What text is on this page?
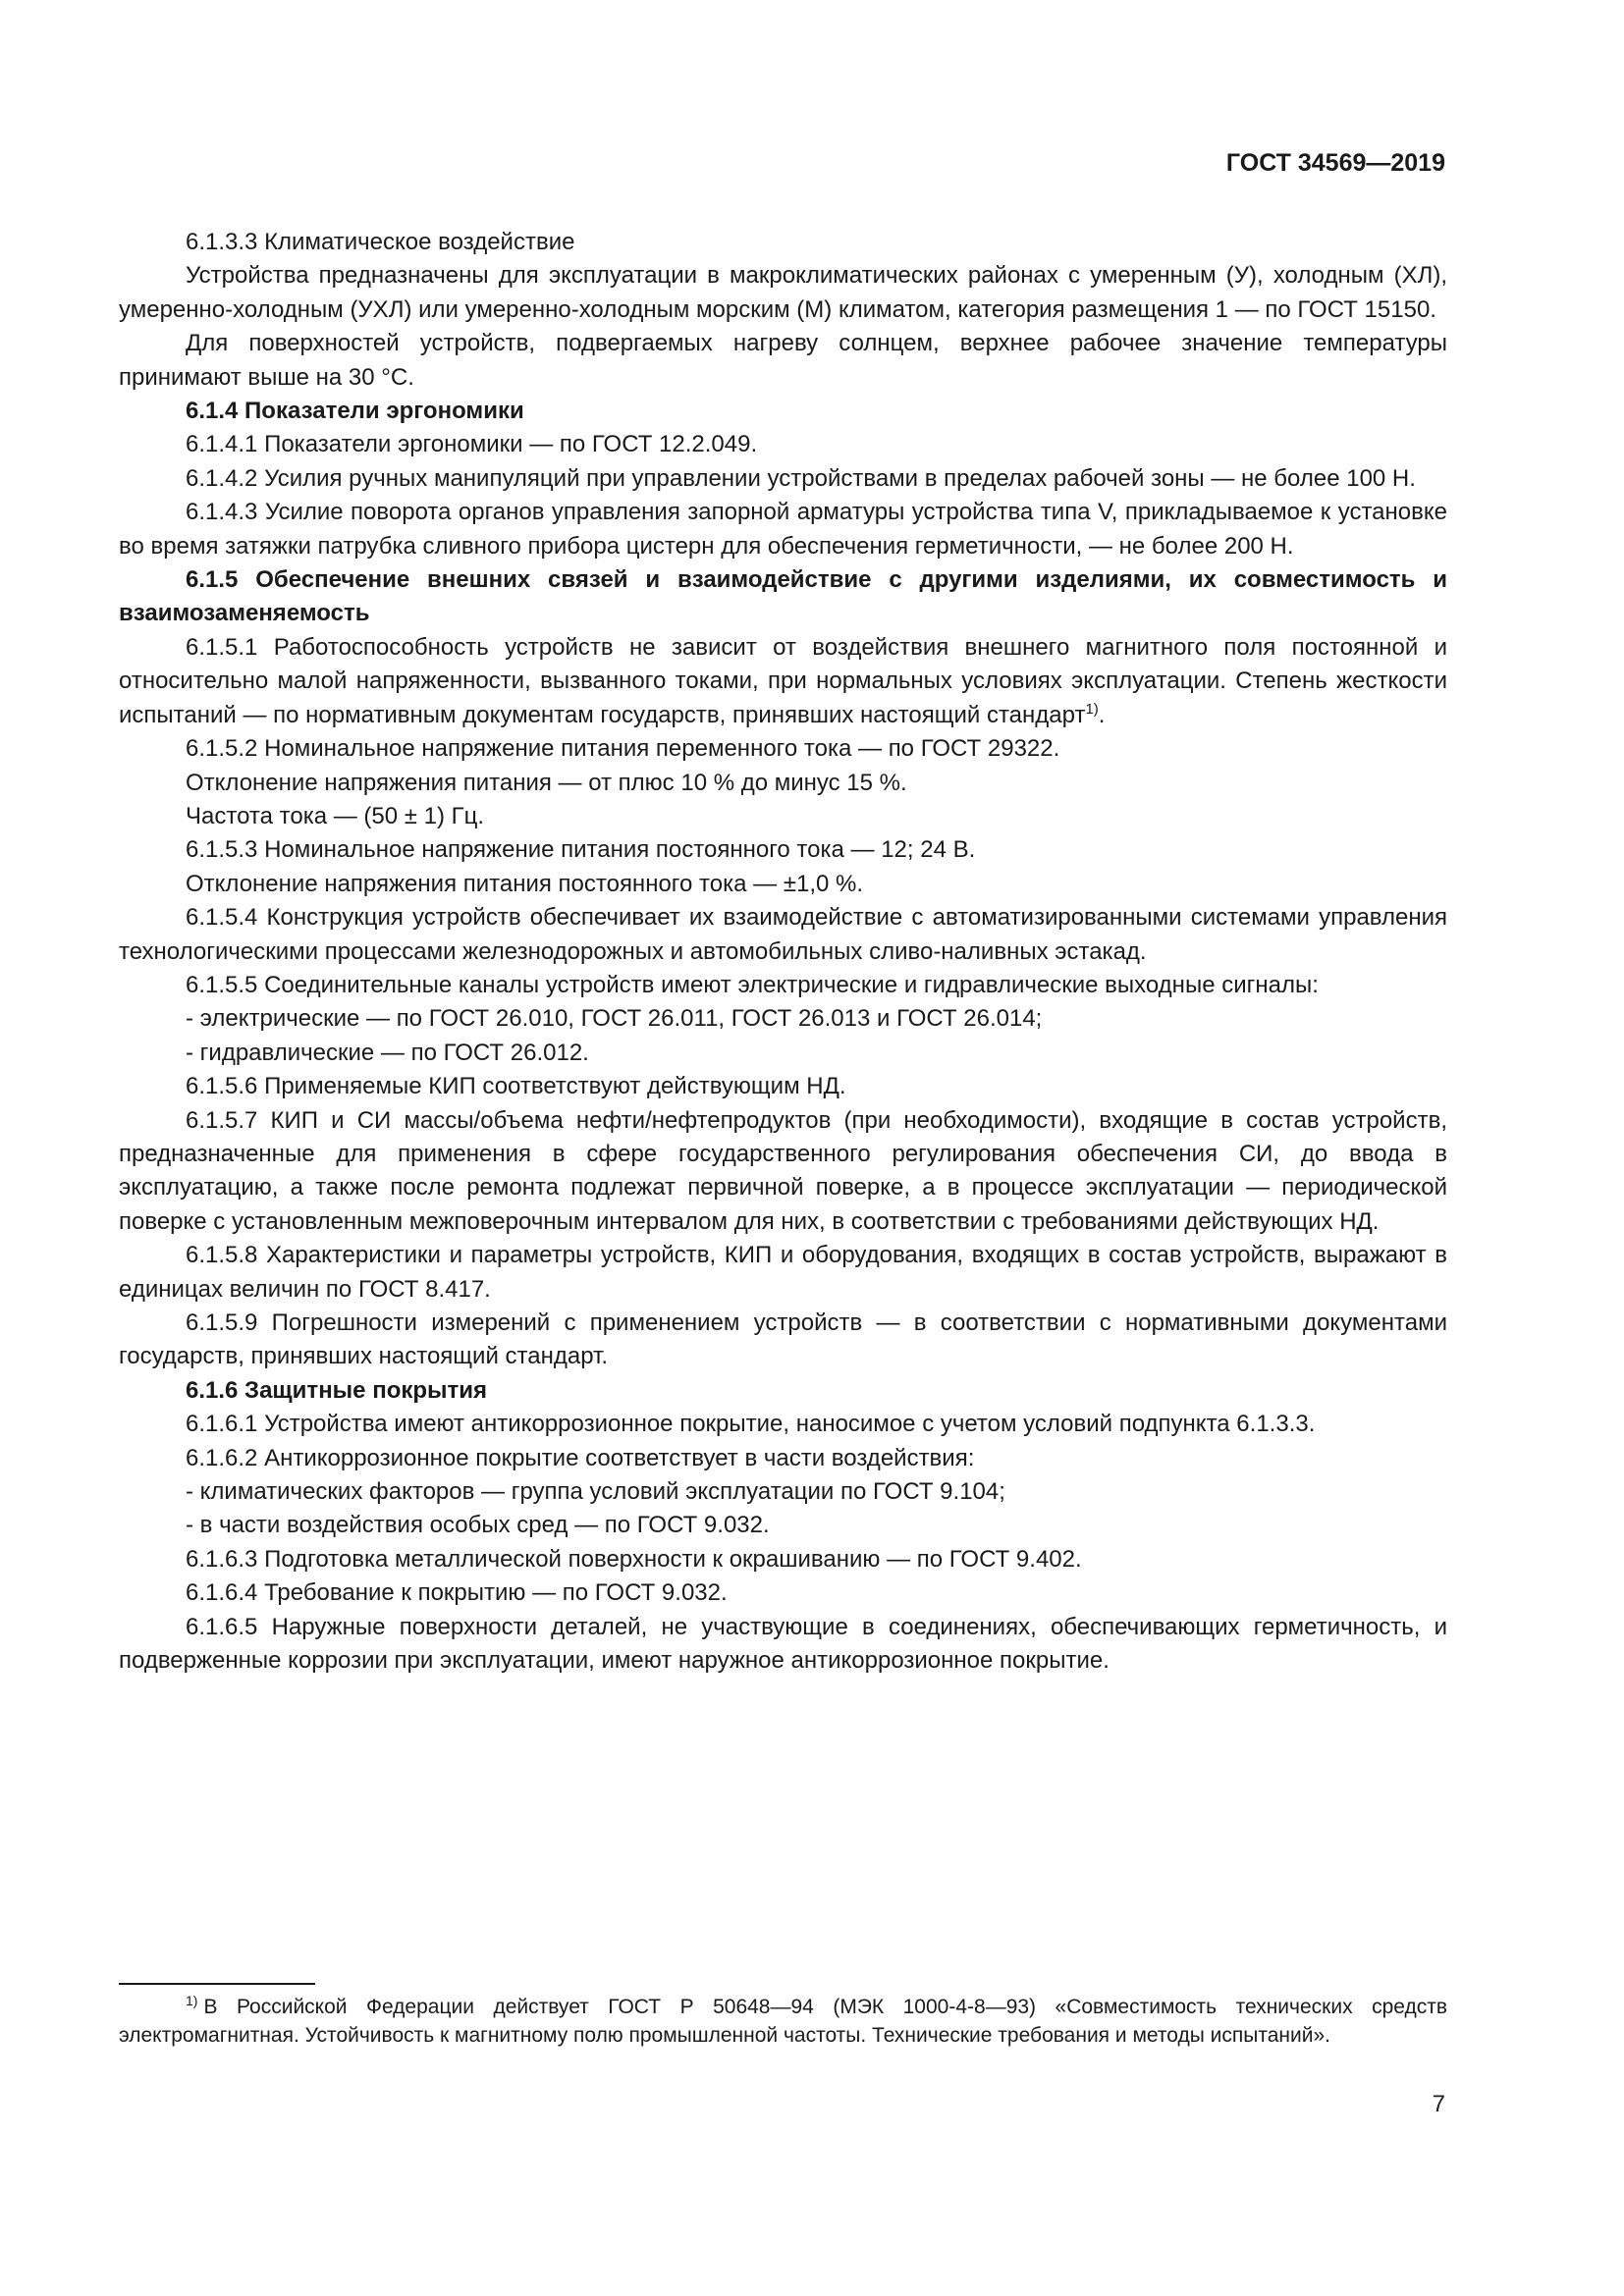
ГОСТ 34569—2019

6.1.3.3 Климатическое воздействие

Устройства предназначены для эксплуатации в макроклиматических районах с умеренным (У), холодным (ХЛ), умеренно-холодным (УХЛ) или умеренно-холодным морским (М) климатом, категория размещения 1 — по ГОСТ 15150.

Для поверхностей устройств, подвергаемых нагреву солнцем, верхнее рабочее значение температуры принимают выше на 30 °С.

6.1.4 Показатели эргономики

6.1.4.1 Показатели эргономики — по ГОСТ 12.2.049.

6.1.4.2 Усилия ручных манипуляций при управлении устройствами в пределах рабочей зоны — не более 100 Н.

6.1.4.3 Усилие поворота органов управления запорной арматуры устройства типа V, прикладываемое к установке во время затяжки патрубка сливного прибора цистерн для обеспечения герметичности, — не более 200 Н.

6.1.5 Обеспечение внешних связей и взаимодействие с другими изделиями, их совместимость и взаимозаменяемость

6.1.5.1 Работоспособность устройств не зависит от воздействия внешнего магнитного поля постоянной и относительно малой напряженности, вызванного токами, при нормальных условиях эксплуатации. Степень жесткости испытаний — по нормативным документам государств, принявших настоящий стандарт$^{1)}$.

6.1.5.2 Номинальное напряжение питания переменного тока — по ГОСТ 29322.

Отклонение напряжения питания — от плюс 10 % до минус 15 %.

Частота тока — (50 ± 1) Гц.

6.1.5.3 Номинальное напряжение питания постоянного тока — 12; 24 В.

Отклонение напряжения питания постоянного тока — ±1,0 %.

6.1.5.4 Конструкция устройств обеспечивает их взаимодействие с автоматизированными системами управления технологическими процессами железнодорожных и автомобильных сливо-наливных эстакад.

6.1.5.5 Соединительные каналы устройств имеют электрические и гидравлические выходные сигналы:

- электрические — по ГОСТ 26.010, ГОСТ 26.011, ГОСТ 26.013 и ГОСТ 26.014;

- гидравлические — по ГОСТ 26.012.

6.1.5.6 Применяемые КИП соответствуют действующим НД.

6.1.5.7 КИП и СИ массы/объема нефти/нефтепродуктов (при необходимости), входящие в состав устройств, предназначенные для применения в сфере государственного регулирования обеспечения СИ, до ввода в эксплуатацию, а также после ремонта подлежат первичной поверке, а в процессе эксплуатации — периодической поверке с установленным межповерочным интервалом для них, в соответствии с требованиями действующих НД.

6.1.5.8 Характеристики и параметры устройств, КИП и оборудования, входящих в состав устройств, выражают в единицах величин по ГОСТ 8.417.

6.1.5.9 Погрешности измерений с применением устройств — в соответствии с нормативными документами государств, принявших настоящий стандарт.

6.1.6 Защитные покрытия

6.1.6.1 Устройства имеют антикоррозионное покрытие, наносимое с учетом условий подпункта 6.1.3.3.

6.1.6.2 Антикоррозионное покрытие соответствует в части воздействия:

- климатических факторов — группа условий эксплуатации по ГОСТ 9.104;

- в части воздействия особых сред — по ГОСТ 9.032.

6.1.6.3 Подготовка металлической поверхности к окрашиванию — по ГОСТ 9.402.

6.1.6.4 Требование к покрытию — по ГОСТ 9.032.

6.1.6.5 Наружные поверхности деталей, не участвующие в соединениях, обеспечивающих герметичность, и подверженные коррозии при эксплуатации, имеют наружное антикоррозионное покрытие.

$^{1)}$ В Российской Федерации действует ГОСТ Р 50648—94 (МЭК 1000-4-8—93) «Совместимость технических средств электромагнитная. Устойчивость к магнитному полю промышленной частоты. Технические требования и методы испытаний».

7
